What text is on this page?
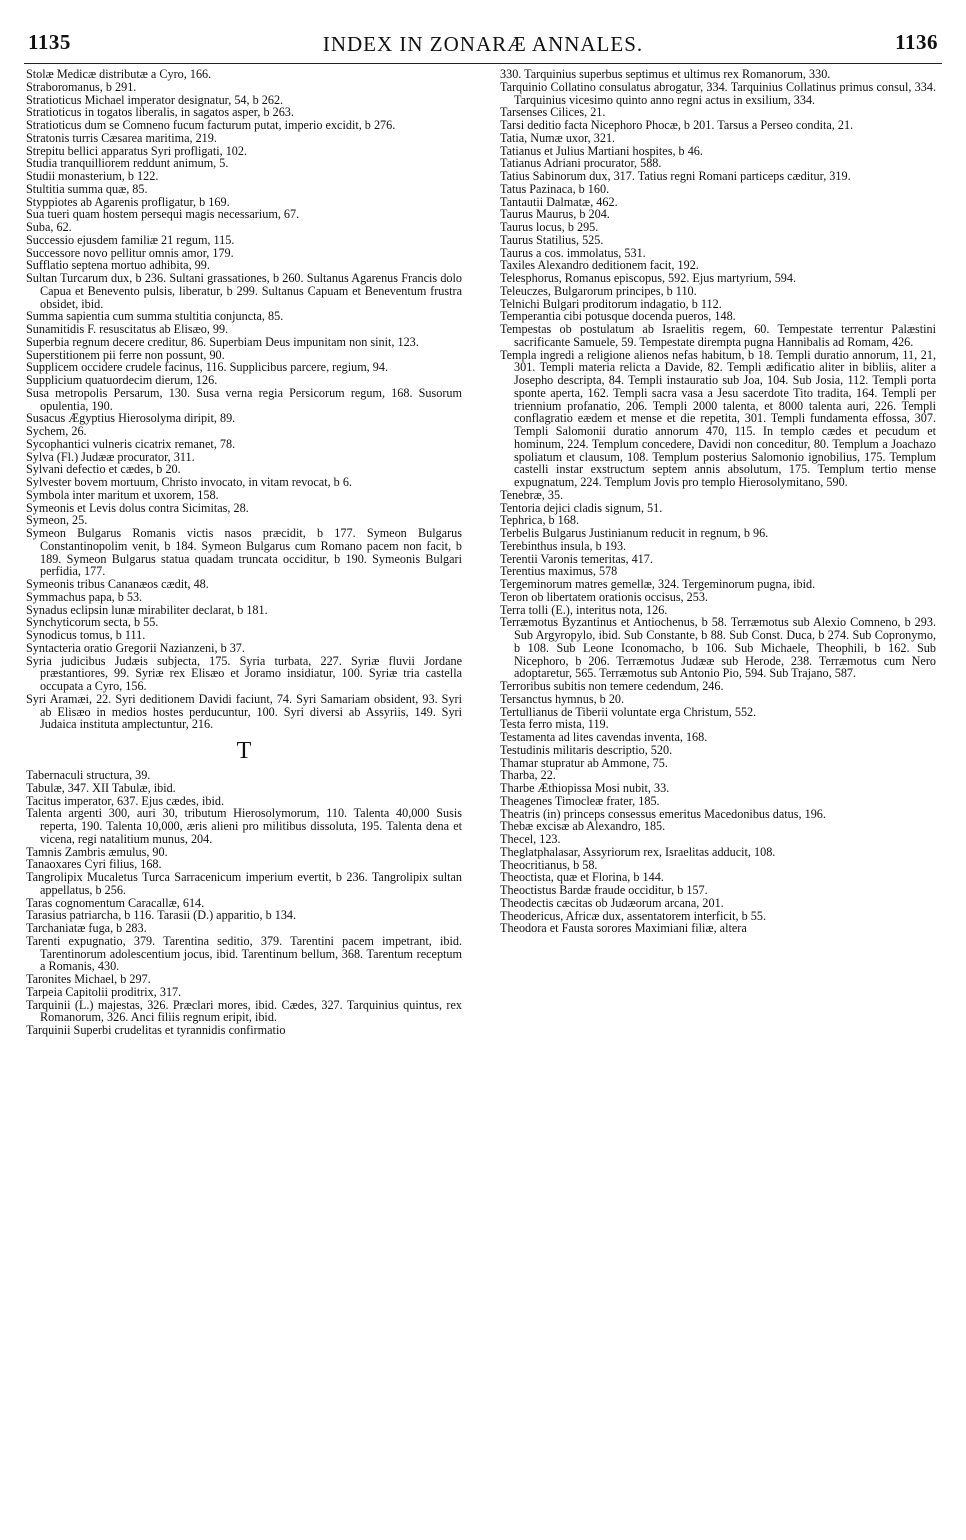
1135	INDEX IN ZONARÆ ANNALES.	1136

Stolæ Medicæ distributæ a Cyro, 166.

Straboromanus, b 291.

Stratioticus Michael imperator designatur, 54, b 262.

Stratioticus in togatos liberalis, in sagatos asper, b 263.

Stratioticus dum se Comneno fucum facturum putat, imperio excidit, b 276.

Stratonis turris Cæsarea maritima, 219.

Strepitu bellici apparatus Syri profligati, 102.

Studia tranquilliorem reddunt animum, 5.

Studii monasterium, b 122.

Stultitia summa quæ, 85.

Styppiotes ab Agarenis profligatur, b 169.

Sua tueri quam hostem persequi magis necessarium, 67.

Suba, 62.

Successio ejusdem familiæ 21 regum, 115.

Successore novo pellitur omnis amor, 179.

Sufflatio septena mortuo adhibita, 99.

Sultan Turcarum dux, b 236. Sultani grassationes, b 260. Sultanus Agarenus Francis dolo Capua et Benevento pulsis, liberatur, b 299. Sultanus Capuam et Beneventum frustra obsidet, ibid.

Summa sapientia cum summa stultitia conjuncta, 85.

Sunamitidis F. resuscitatus ab Elisæo, 99.

Superbia regnum decere creditur, 86. Superbiam Deus impunitam non sinit, 123.

Superstitionem pii ferre non possunt, 90.

Supplicem occidere crudele facinus, 116. Supplicibus parcere, regium, 94.

Supplicium quatuordecim dierum, 126.

Susa metropolis Persarum, 130. Susa verna regia Persicorum regum, 168. Susorum opulentia, 190.

Susacus Ægyptius Hierosolyma diripit, 89.

Sychem, 26.

Sycophantici vulneris cicatrix remanet, 78.

Sylva (Fl.) Judææ procurator, 311.

Sylvani defectio et cædes, b 20.

Sylvester bovem mortuum, Christo invocato, in vitam revocat, b 6.

Symbola inter maritum et uxorem, 158.

Symeonis et Levis dolus contra Sicimitas, 28.

Symeon, 25.

Symeon Bulgarus Romanis victis nasos præcidit, b 177. Symeon Bulgarus Constantinopolim venit, b 184. Symeon Bulgarus cum Romano pacem non facit, b 189. Symeon Bulgarus statua quadam truncata occiditur, b 190. Symeonis Bulgari perfidia, 177.

Symeonis tribus Cananæos cædit, 48.

Symmachus papa, b 53.

Synadus eclipsin lunæ mirabiliter declarat, b 181.

Synchyticorum secta, b 55.

Synodicus tomus, b 111.

Syntacteria oratio Gregorii Nazianzeni, b 37.

Syria judicibus Judæis subjecta, 175. Syria turbata, 227. Syriæ fluvii Jordane præstantiores, 99. Syriæ rex Elisæo et Joramo insidiatur, 100. Syriæ tria castella occupata a Cyro, 156.

Syri Aramæi, 22. Syri deditionem Davidi faciunt, 74. Syri Samariam obsident, 93. Syri ab Elisæo in medios hostes perducuntur, 100. Syri diversi ab Assyriis, 149. Syri Judaica instituta amplectuntur, 216.

T

Tabernaculi structura, 39.

Tabulæ, 347. XII Tabulæ, ibid.

Tacitus imperator, 637. Ejus cædes, ibid.

Talenta argenti 300, auri 30, tributum Hierosolymorum, 110. Talenta 40,000 Susis reperta, 190. Talenta 10,000, æris alieni pro militibus dissoluta, 195. Talenta dena et vicena, regi natalitium munus, 204.

Tamnis Zambris æmulus, 90.

Tanaoxares Cyri filius, 168.

Tangrolipix Mucaletus Turca Sarracenicum imperium evertit, b 236. Tangrolipix sultan appellatus, b 256.

Taras cognomentum Caracallæ, 614.

Tarasius patriarcha, b 116. Tarasii (D.) apparitio, b 134.

Tarchaniatæ fuga, b 283.

Tarenti expugnatio, 379. Tarentina seditio, 379. Tarentini pacem impetrant, ibid. Tarentinorum adolescentium jocus, ibid. Tarentinum bellum, 368. Tarentum receptum a Romanis, 430.

Taronites Michael, b 297.

Tarpeia Capitolii proditrix, 317.

Tarquinii (L.) majestas, 326. Præclari mores, ibid. Cædes, 327. Tarquinius quintus, rex Romanorum, 326. Anci filiis regnum eripit, ibid.

Tarquinii Superbi crudelitas et tyrannidis confirmatio

330. Tarquinius superbus septimus et ultimus rex Romanorum, 330.

Tarquinio Collatino consulatus abrogatur, 334. Tarquinius Collatinus primus consul, 334. Tarquinius vicesimo quinto anno regni actus in exsilium, 334.

Tarsenses Cilices, 21.

Tarsi deditio facta Nicephoro Phocæ, b 201. Tarsus a Perseo condita, 21.

Tatia, Numæ uxor, 321.

Tatianus et Julius Martiani hospites, b 46.

Tatianus Adriani procurator, 588.

Tatius Sabinorum dux, 317. Tatius regni Romani particeps cæditur, 319.

Tatus Pazinaca, b 160.

Tantautii Dalmatæ, 462.

Taurus Maurus, b 204.

Taurus locus, b 295.

Taurus Statilius, 525.

Taurus a cos. immolatus, 531.

Taxiles Alexandro deditionem facit, 192.

Telesphorus, Romanus episcopus, 592. Ejus martyrium, 594.

Teleuczes, Bulgarorum principes, b 110.

Telnichi Bulgari proditorum indagatio, b 112.

Temperantia cibi potusque docenda pueros, 148.

Tempestas ob postulatum ab Israelitis regem, 60. Tempestate terrentur Palæstini sacrificante Samuele, 59. Tempestate dirempta pugna Hannibalis ad Romam, 426.

Templa ingredi a religione alienos nefas habitum, b 18. Templi duratio annorum, 11, 21, 301. Templi materia relicta a Davide, 82. Templi ædificatio aliter in bibliis, aliter a Josepho descripta, 84. Templi instauratio sub Joa, 104. Sub Josia, 112. Templi porta sponte aperta, 162. Templi sacra vasa a Jesu sacerdote Tito tradita, 164. Templi per triennium profanatio, 206. Templi 2000 talenta, et 8000 talenta auri, 226. Templi conflagratio eædem et mense et die repetita, 301. Templi fundamenta effossa, 307. Templi Salomonii duratio annorum 470, 115. In templo cædes et pecudum et hominum, 224. Templum concedere, Davidi non conceditur, 80. Templum a Joachazo spoliatum et clausum, 108. Templum posterius Salomonio ignobilius, 175. Templum castelli instar exstructum septem annis absolutum, 175. Templum tertio mense expugnatum, 224. Templum Jovis pro templo Hierosolymitano, 590.

Tenebræ, 35.

Tentoria dejici cladis signum, 51.

Tephrica, b 168.

Terbelis Bulgarus Justinianum reducit in regnum, b 96.

Terebinthus insula, b 193.

Terentii Varonis temeritas, 417.

Terentius maximus, 578

Tergeminorum matres gemellæ, 324. Tergeminorum pugna, ibid.

Teron ob libertatem orationis occisus, 253.

Terra tolli (E.), interitus nota, 126.

Terræmotus Byzantinus et Antiochenus, b 58. Terræmotus sub Alexio Comneno, b 293. Sub Argyropylo, ibid. Sub Constante, b 88. Sub Const. Duca, b 274. Sub Copronymo, b 108. Sub Leone Iconomacho, b 106. Sub Michaele, Theophili, b 162. Sub Nicephoro, b 206. Terræmotus Judææ sub Herode, 238. Terræmotus cum Nero adoptaretur, 565. Terræmotus sub Antonio Pio, 594. Sub Trajano, 587.

Terroribus subitis non temere cedendum, 246.

Tersanctus hymnus, b 20.

Tertullianus de Tiberii voluntate erga Christum, 552.

Testa ferro mista, 119.

Testamenta ad lites cavendas inventa, 168.

Testudinis militaris descriptio, 520.

Thamar stupratur ab Ammone, 75.

Tharba, 22.

Tharbe Æthiopissa Mosi nubit, 33.

Theagenes Timocleæ frater, 185.

Theatris (in) princeps consessus emeritus Macedonibus datus, 196.

Thebæ excisæ ab Alexandro, 185.

Thecel, 123.

Theglatphalasar, Assyriorum rex, Israelitas adducit, 108.

Theocritianus, b 58.

Theoctista, quæ et Florina, b 144.

Theoctistus Bardæ fraude occiditur, b 157.

Theodectis cæcitas ob Judæorum arcana, 201.

Theodericus, Africæ dux, assentatorem interficit, b 55.

Theodora et Fausta sorores Maximiani filiæ, altera
